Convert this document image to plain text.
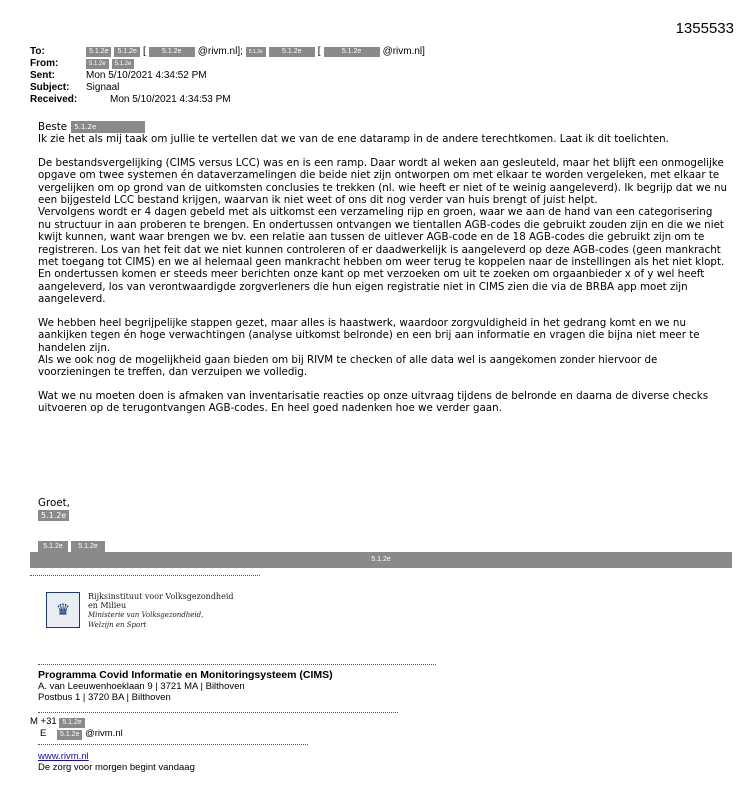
1355533
To:	5.1.2e	5.1.2e [	5.1.2e	@rivm.nl];	5.1.2e	5.1.2e	[	5.1.2e	@rivm.nl]
From:	5.1.2e	5.1.2e
Sent:	Mon 5/10/2021 4:34:52 PM
Subject:	Signaal
Received:	Mon 5/10/2021 4:34:53 PM
Beste	5.1.2e

Ik zie het als mij taak om jullie te vertellen dat we van de ene dataramp in de andere terechtkomen. Laat ik dit toelichten.

De bestandsvergelijking (CIMS versus LCC) was en is een ramp. Daar wordt al weken aan gesleuteld, maar het blijft een onmogelijke opgave om twee systemen én dataverzamelingen die beide niet zijn ontworpen om met elkaar te worden vergeleken, met elkaar te vergelijken om op grond van de uitkomsten conclusies te trekken (nl. wie heeft er niet of te weinig aangeleverd). Ik begrijp dat we nu een bijgesteld LCC bestand krijgen, waarvan ik niet weet of ons dit nog verder van huis brengt of juist helpt.

Vervolgens wordt er 4 dagen gebeld met als uitkomst een verzameling rijp en groen, waar we aan de hand van een categorisering nu structuur in aan proberen te brengen. En ondertussen ontvangen we tientallen AGB-codes die gebruikt zouden zijn en die we niet kwijt kunnen, want waar brengen we bv. een relatie aan tussen de uitlever AGB-code en de 18 AGB-codes die gebruikt zijn om te registreren. Los van het feit dat we niet kunnen controleren of er daadwerkelijk is aangeleverd op deze AGB-codes (geen mankracht met toegang tot CIMS) en we al helemaal geen mankracht hebben om weer terug te koppelen naar de instellingen als het niet klopt. En ondertussen komen er steeds meer berichten onze kant op met verzoeken om uit te zoeken om orgaanbieder x of y wel heeft aangeleverd, los van verontwaardigde zorgverleners die hun eigen registratie niet in CIMS zien die via de BRBA app moet zijn aangeleverd.

We hebben heel begrijpelijke stappen gezet, maar alles is haastwerk, waardoor zorgvuldigheid in het gedrang komt en we nu aankijken tegen én hoge verwachtingen (analyse uitkomst belronde) en een brij aan informatie en vragen die bijna niet meer te handelen zijn.

Als we ook nog de mogelijkheid gaan bieden om bij RIVM te checken of alle data wel is aangekomen zonder hiervoor de voorzieningen te treffen, dan verzuipen we volledig.

Wat we nu moeten doen is afmaken van inventarisatie reacties op onze uitvraag tijdens de belronde en daarna de diverse checks uitvoeren op de terugontvangen AGB-codes. En heel goed nadenken hoe we verder gaan.

Groet,
5.1.2e
5.1.2e	5.1.2e
5.1.2e
♛
Rijksinstituut voor Volksgezondheid
en Milieu
Ministerie van Volksgezondheid,
Welzijn en Sport
Programma Covid Informatie en Monitoringsysteem (CIMS)
A. van Leeuwenhoeklaan 9 | 3721 MA | Bilthoven
Postbus 1 | 3720 BA | Bilthoven
M +31 5.1.2e
E 5.1.2e @rivm.nl
www.rivm.nl
De zorg voor morgen begint vandaag
